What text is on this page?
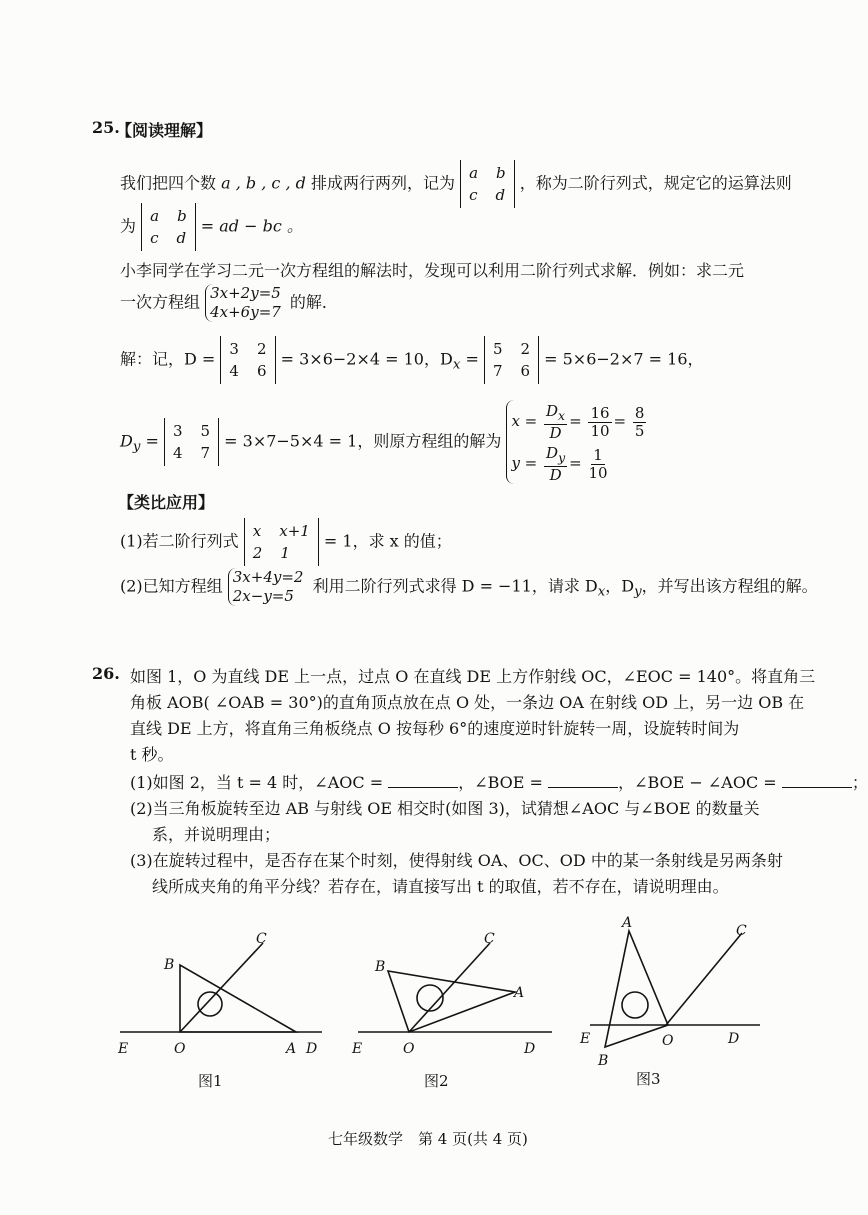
25.
【阅读理解】
我们把四个数 a , b , c , d 排成两行两列，记为
a b
c d
，称为二阶行列式，规定它的运算法则
为
a b
c d
= ad − bc 。
小李同学在学习二元一次方程组的解法时，发现可以利用二阶行列式求解．例如：求二元
一次方程组 3x+2y=5
4x+6y=7
的解．
解：记，D =
3 2
4 6
= 3×6−2×4 = 10，$D_x$ =
5 2
7 6
= 5×6−2×7 = 16，
$D_y$ =
3 5
4 7
= 3×7−5×4 = 1，则原方程组的解为
$x = \frac{D_x}{D} = \frac{16}{10} = \frac{8}{5}$
$y = \frac{D_y}{D} = \frac{1}{10}$
【类比应用】
(1)若二阶行列式
x x+1
2 1
= 1，求 x 的值；
(2)已知方程组 3x+4y=2
2x−y=5
利用二阶行列式求得 D = −11，请求 $D_x$，$D_y$，并写出该方程组的解。
26. 如图 1，O 为直线 DE 上一点，过点 O 在直线 DE 上方作射线 OC，∠EOC = 140°。将直角三
角板 AOB( ∠OAB = 30°)的直角顶点放在点 O 处，一条边 OA 在射线 OD 上，另一边 OB 在
直线 DE 上方，将直角三角板绕点 O 按每秒 6°的速度逆时针旋转一周，设旋转时间为
t 秒。
(1)如图 2，当 t = 4 时，∠AOC =	，∠BOE =	，∠BOE − ∠AOC =	；
(2)当三角板旋转至边 AB 与射线 OE 相交时(如图 3)，试猜想∠AOC 与∠BOE 的数量关
系，并说明理由；
(3)在旋转过程中，是否存在某个时刻，使得射线 OA、OC、OD 中的某一条射线是另两条射
线所成夹角的角平分线？若存在，请直接写出 t 的取值，若不存在，请说明理由。
E	O	A D
B
C
E	O	D
B
C
A
E	O	D
B
C
A
图1	图2	图3
七年级数学　第 4 页(共 4 页)
